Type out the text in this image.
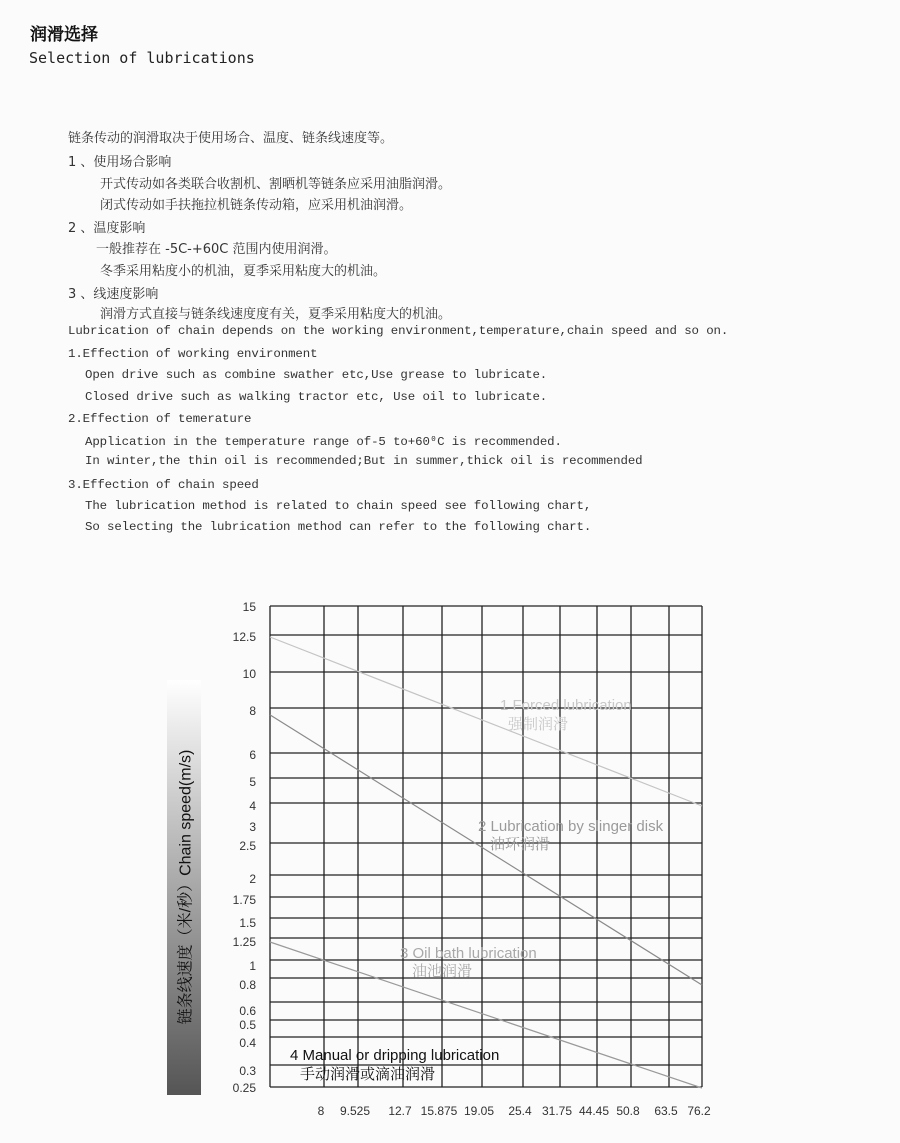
润滑选择
Selection of lubrications
链条传动的润滑取决于使用场合、温度、链条线速度等。
1 、使用场合影响
开式传动如各类联合收割机、割晒机等链条应采用油脂润滑。
闭式传动如手扶拖拉机链条传动箱，应采用机油润滑。
2 、温度影响
一般推荐在 -5C-+60C 范围内使用润滑。
冬季采用粘度小的机油，夏季采用粘度大的机油。
3 、线速度影响
润滑方式直接与链条线速度度有关，夏季采用粘度大的机油。
Lubrication of chain depends on the working environment,temperature,chain speed and so on.
1.Effection of working environment
Open drive such as combine swather etc,Use grease to lubricate.
Closed drive such as walking tractor etc, Use oil to lubricate.
2.Effection of temerature
Application in the temperature range of-5 to+60⁰C is recommended.
In winter,the thin oil is recommended;But in summer,thick oil is recommended
3.Effection of chain speed
The lubrication method is related to chain speed see following chart,
So selecting the lubrication method can refer to the following chart.
链条线速度（米/秒）Chain speed(m/s)
15
12.5
10
8
6
5
4
3
2.5
2
1.75
1.5
1.25
1
0.8
0.6
0.5
0.4
0.3
0.25
8 9.525 12.7 15.875 19.05 25.4 31.75 44.45 50.8 63.5 76.2
1 Forced lubrication
强制润滑
2 Lubrication by slinger disk
油环润滑
3 Oil bath lubrication
油池润滑
4 Manual or dripping lubrication
手动润滑或滴油润滑
